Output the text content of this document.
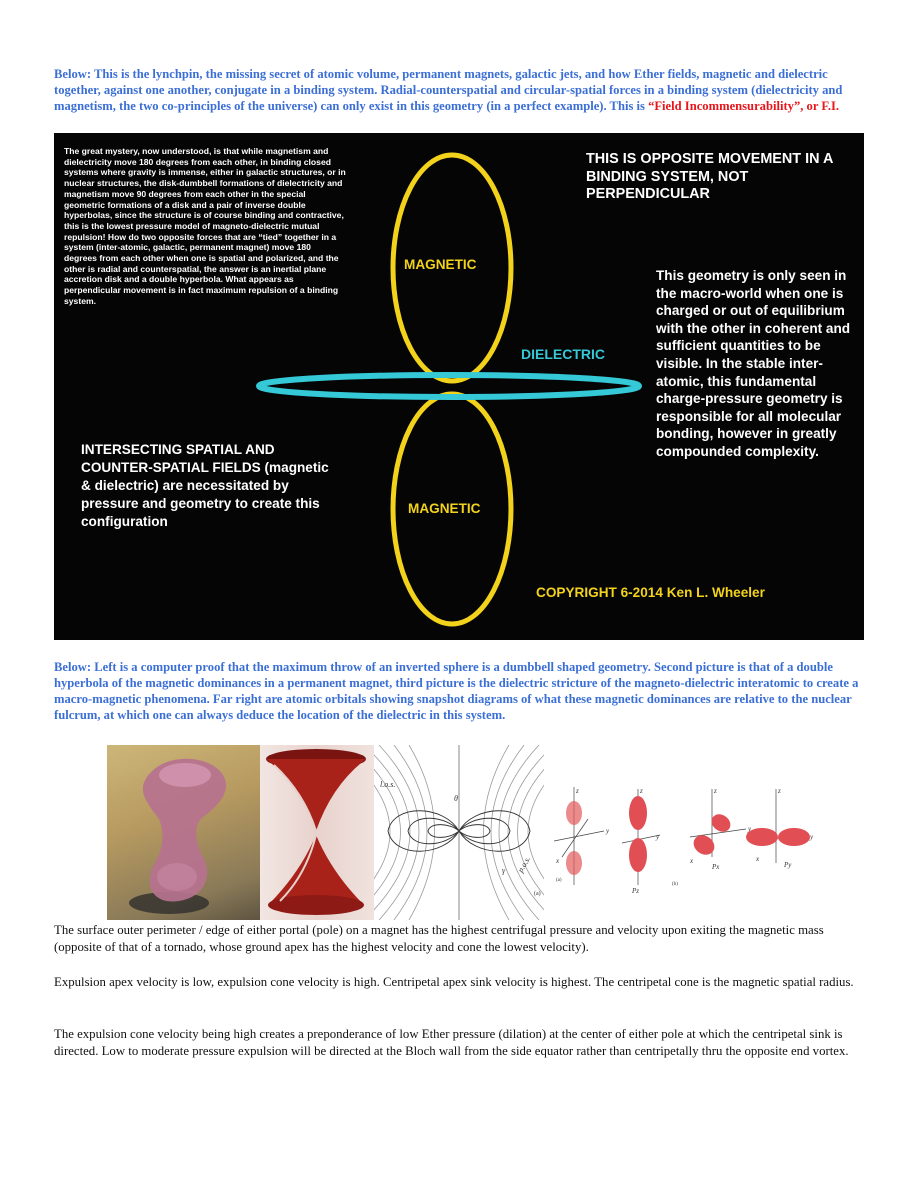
Below: This is the lynchpin, the missing secret of atomic volume, permanent magnets, galactic jets, and how Ether fields, magnetic and dielectric together, against one another, conjugate in a binding system. Radial-counterspatial and circular-spatial forces in a binding system (dielectricity and magnetism, the two co-principles of the universe) can only exist in this geometry (in a perfect example). This is “Field Incommensurability”, or F.I.
The great mystery, now understood, is that while magnetism and dielectricity move 180 degrees from each other, in binding closed systems where gravity is immense, either in galactic structures, or in nuclear structures, the disk-dumbbell formations of dielectricity and magnetism move 90 degrees from each other in the special geometric formations of a disk and a pair of inverse double hyperbolas, since the structure is of course binding and contractive, this is the lowest pressure model of magneto-dielectric mutual repulsion! How do two opposite forces that are “tied” together in a system (inter-atomic, galactic, permanent magnet) move 180 degrees from each other when one is spatial and polarized, and the other is radial and counterspatial, the answer is an inertial plane accretion disk and a double hyperbola. What appears as perpendicular movement is in fact maximum repulsion of a binding system.
THIS IS OPPOSITE MOVEMENT IN A BINDING SYSTEM, NOT PERPENDICULAR
This geometry is only seen in the macro-world when one is charged or out of equilibrium with the other in coherent and sufficient quantities to be visible. In the stable inter-atomic, this fundamental charge-pressure geometry is responsible for all molecular bonding, however in greatly compounded complexity.
INTERSECTING SPATIAL AND COUNTER-SPATIAL FIELDS (magnetic & dielectric) are necessitated by pressure and geometry to create this configuration
MAGNETIC
MAGNETIC
DIELECTRIC
COPYRIGHT 6-2014 Ken L. Wheeler
Below: Left is a computer proof that the maximum throw of an inverted sphere is a dumbbell shaped geometry. Second picture is that of a double hyperbola of the magnetic dominances in a permanent magnet, third picture is the dielectric stricture of the magneto-dielectric interatomic to create a macro-magnetic phenomena. Far right are atomic orbitals showing snapshot diagrams of what these magnetic dominances are relative to the nuclear fulcrum, at which one can always deduce the location of the dielectric in this system.
l.o.s.
θ
p.o.s.
γ
(a)
z
y
x
(a)
z
y
Pz
(b)
z
y
x
Px
z
y
x
Py

The surface outer perimeter / edge of either portal (pole) on a magnet has the highest centrifugal pressure and velocity upon exiting the magnetic mass (opposite of that of a tornado, whose ground apex has the highest velocity and cone the lowest velocity).

Expulsion apex velocity is low, expulsion cone velocity is high. Centripetal apex sink velocity is highest. The centripetal cone is the magnetic spatial radius.

The expulsion cone velocity being high creates a preponderance of low Ether pressure (dilation) at the center of either pole at which the centripetal sink is directed. Low to moderate pressure expulsion will be directed at the Bloch wall from the side equator rather than centripetally thru the opposite end vortex.
